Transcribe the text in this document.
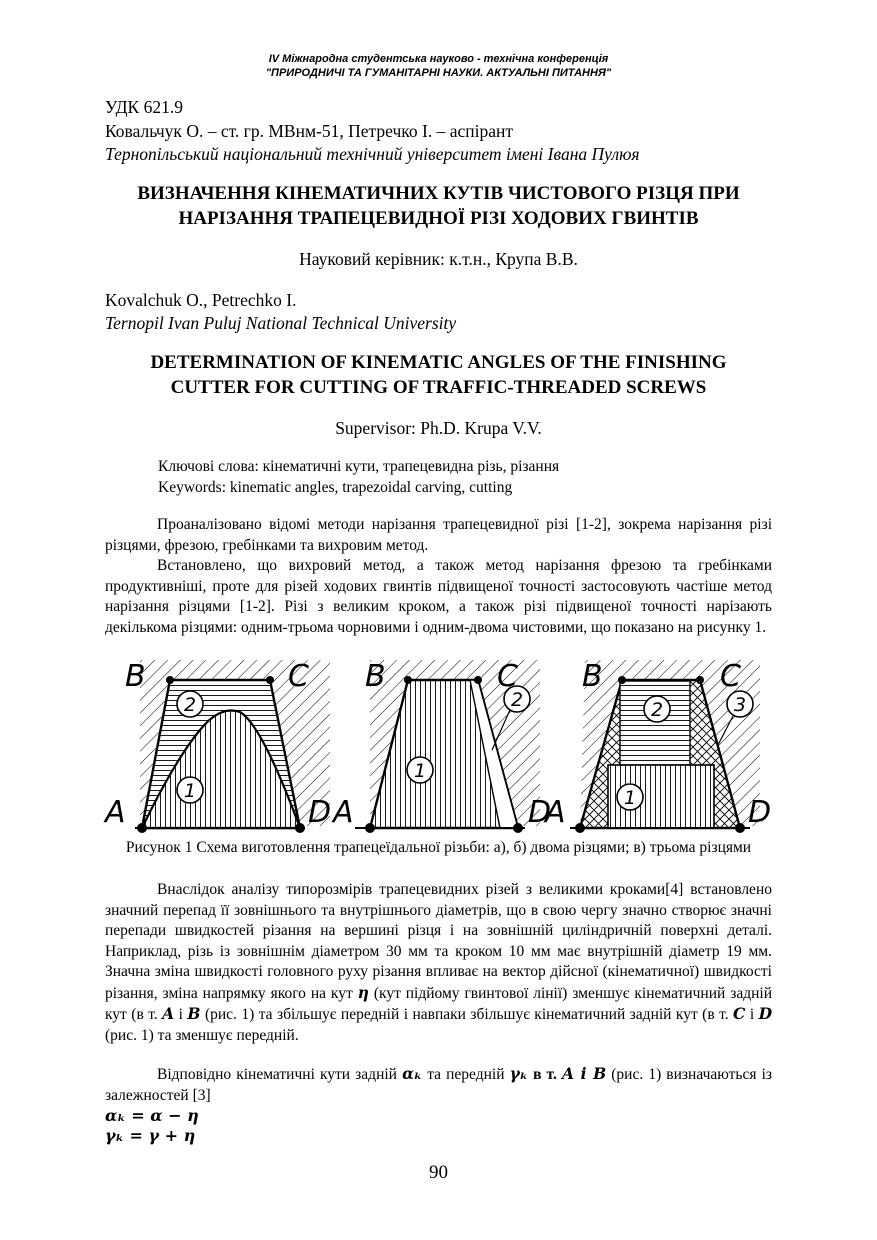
IV Міжнародна студентська науково - технічна конференція
"ПРИРОДНИЧІ ТА ГУМАНІТАРНІ НАУКИ. АКТУАЛЬНІ ПИТАННЯ"
УДК 621.9
Ковальчук О. – ст. гр. МВнм-51, Петречко І. – аспірант
Тернопільський національний технічний університет імені Івана Пулюя
ВИЗНАЧЕННЯ КІНЕМАТИЧНИХ КУТІВ ЧИСТОВОГО РІЗЦЯ ПРИ
НАРІЗАННЯ ТРАПЕЦЕВИДНОЇ РІЗІ ХОДОВИХ ГВИНТІВ
Науковий керівник: к.т.н., Крупа В.В.
Kovalchuk O., Petrechko I.
Ternopil Ivan Puluj National Technical University
DETERMINATION OF KINEMATIC ANGLES OF THE FINISHING
CUTTER FOR CUTTING OF TRAFFIC-THREADED SCREWS
Supervisor: Ph.D. Krupa V.V.
Ключові слова: кінематичні кути, трапецевидна різь, різання
Keywords: kinematic angles, trapezoidal carving, cutting
Проаналізовано відомі методи нарізання трапецевидної різі [1-2], зокрема нарізання різі різцями, фрезою, гребінками та вихровим метод.
Встановлено, що вихровий метод, а також метод нарізання фрезою та гребінками продуктивніші, проте для різей ходових гвинтів підвищеної точності застосовують частіше метод нарізання різцями [1-2]. Різі з великим кроком, а також різі підвищеної точності нарізають декількома різцями: одним-трьома чорновими і одним-двома чистовими, що показано на рисунку 1.
2
1
B	C
A	D
1
2
B	C
A	D
2	3
1
B	C
A	D
Рисунок 1 Схема виготовлення трапецеїдальної різьби: а), б) двома різцями; в) трьома різцями
Внаслідок аналізу типорозмірів трапецевидних різей з великими кроками[4] встановлено значний перепад її зовнішнього та внутрішнього діаметрів, що в свою чергу значно створює значні перепади швидкостей різання на вершині різця і на зовнішній циліндричній поверхні деталі. Наприклад, різь із зовнішнім діаметром 30 мм та кроком 10 мм має внутрішній діаметр 19 мм. Значна зміна швидкості головного руху різання впливає на вектор дійсної (кінематичної) швидкості різання, зміна напрямку якого на кут η (кут підйому гвинтової лінії) зменшує кінематичний задній кут (в т. A і B (рис. 1) та збільшує передній і навпаки збільшує кінематичний задній кут (в т. C і D (рис. 1) та зменшує передній.
Відповідно кінематичні кути задній αₖ та передній γₖ в т. A і B (рис. 1) визначаються із залежностей [3]
αₖ = α − η
γₖ = γ + η
90
